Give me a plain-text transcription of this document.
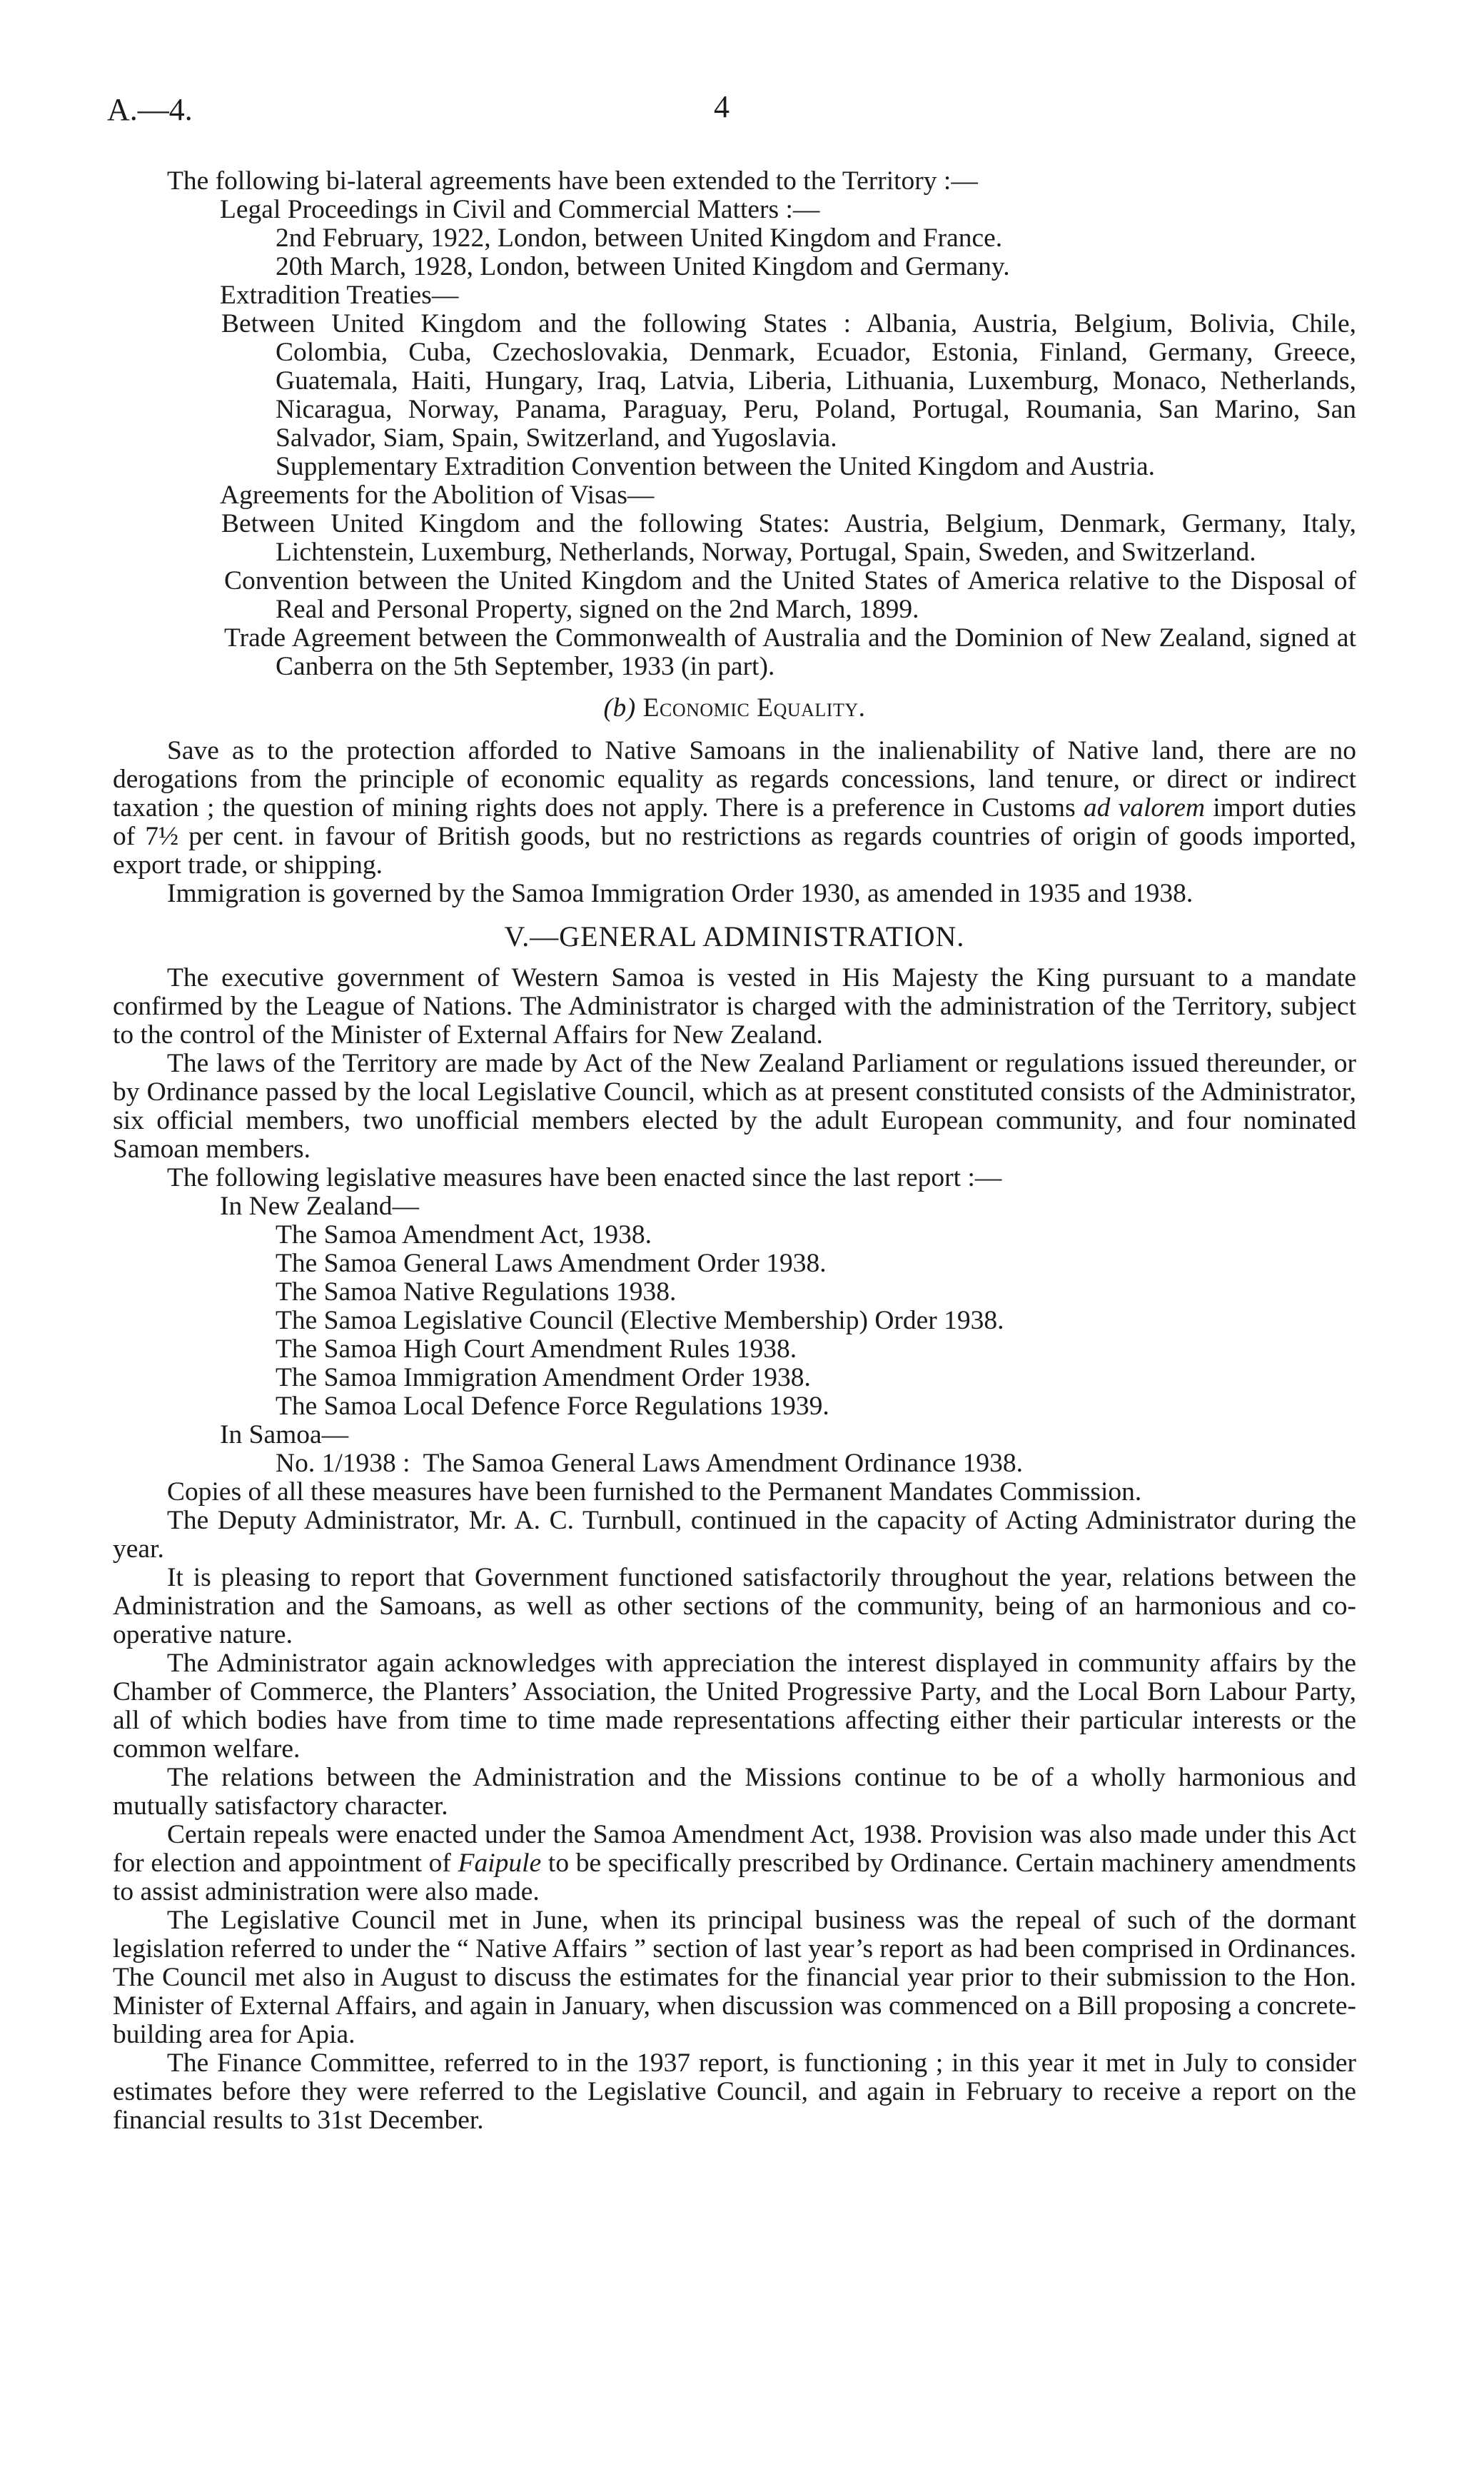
A.—4.	4

The following bi-lateral agreements have been extended to the Territory :—

Legal Proceedings in Civil and Commercial Matters :—

2nd February, 1922, London, between United Kingdom and France.

20th March, 1928, London, between United Kingdom and Germany.

Extradition Treaties—

Between United Kingdom and the following States : Albania, Austria, Belgium, Bolivia, Chile, Colombia, Cuba, Czechoslovakia, Denmark, Ecuador, Estonia, Finland, Germany, Greece, Guatemala, Haiti, Hungary, Iraq, Latvia, Liberia, Lithuania, Luxemburg, Monaco, Netherlands, Nicaragua, Norway, Panama, Paraguay, Peru, Poland, Portugal, Roumania, San Marino, San Salvador, Siam, Spain, Switzerland, and Yugoslavia.

Supplementary Extradition Convention between the United Kingdom and Austria.

Agreements for the Abolition of Visas—

Between United Kingdom and the following States: Austria, Belgium, Denmark, Germany, Italy, Lichtenstein, Luxemburg, Netherlands, Norway, Portugal, Spain, Sweden, and Switzerland.

Convention between the United Kingdom and the United States of America relative to the Disposal of Real and Personal Property, signed on the 2nd March, 1899.

Trade Agreement between the Commonwealth of Australia and the Dominion of New Zealand, signed at Canberra on the 5th September, 1933 (in part).

(b) Economic Equality.

Save as to the protection afforded to Native Samoans in the inalienability of Native land, there are no derogations from the principle of economic equality as regards concessions, land tenure, or direct or indirect taxation ; the question of mining rights does not apply. There is a preference in Customs ad valorem import duties of 7½ per cent. in favour of British goods, but no restrictions as regards countries of origin of goods imported, export trade, or shipping.

Immigration is governed by the Samoa Immigration Order 1930, as amended in 1935 and 1938.

V.—GENERAL ADMINISTRATION.

The executive government of Western Samoa is vested in His Majesty the King pursuant to a mandate confirmed by the League of Nations. The Administrator is charged with the administration of the Territory, subject to the control of the Minister of External Affairs for New Zealand.

The laws of the Territory are made by Act of the New Zealand Parliament or regulations issued thereunder, or by Ordinance passed by the local Legislative Council, which as at present constituted consists of the Administrator, six official members, two unofficial members elected by the adult European community, and four nominated Samoan members.

The following legislative measures have been enacted since the last report :—

In New Zealand—

The Samoa Amendment Act, 1938.

The Samoa General Laws Amendment Order 1938.

The Samoa Native Regulations 1938.

The Samoa Legislative Council (Elective Membership) Order 1938.

The Samoa High Court Amendment Rules 1938.

The Samoa Immigration Amendment Order 1938.

The Samoa Local Defence Force Regulations 1939.

In Samoa—

No. 1/1938 :  The Samoa General Laws Amendment Ordinance 1938.

Copies of all these measures have been furnished to the Permanent Mandates Commission.

The Deputy Administrator, Mr. A. C. Turnbull, continued in the capacity of Acting Administrator during the year.

It is pleasing to report that Government functioned satisfactorily throughout the year, relations between the Administration and the Samoans, as well as other sections of the community, being of an harmonious and co-operative nature.

The Administrator again acknowledges with appreciation the interest displayed in community affairs by the Chamber of Commerce, the Planters’ Association, the United Progressive Party, and the Local Born Labour Party, all of which bodies have from time to time made representations affecting either their particular interests or the common welfare.

The relations between the Administration and the Missions continue to be of a wholly harmonious and mutually satisfactory character.

Certain repeals were enacted under the Samoa Amendment Act, 1938. Provision was also made under this Act for election and appointment of Faipule to be specifically prescribed by Ordinance. Certain machinery amendments to assist administration were also made.

The Legislative Council met in June, when its principal business was the repeal of such of the dormant legislation referred to under the “ Native Affairs ” section of last year’s report as had been comprised in Ordinances. The Council met also in August to discuss the estimates for the financial year prior to their submission to the Hon. Minister of External Affairs, and again in January, when discussion was commenced on a Bill proposing a concrete-building area for Apia.

The Finance Committee, referred to in the 1937 report, is functioning ; in this year it met in July to consider estimates before they were referred to the Legislative Council, and again in February to receive a report on the financial results to 31st December.
